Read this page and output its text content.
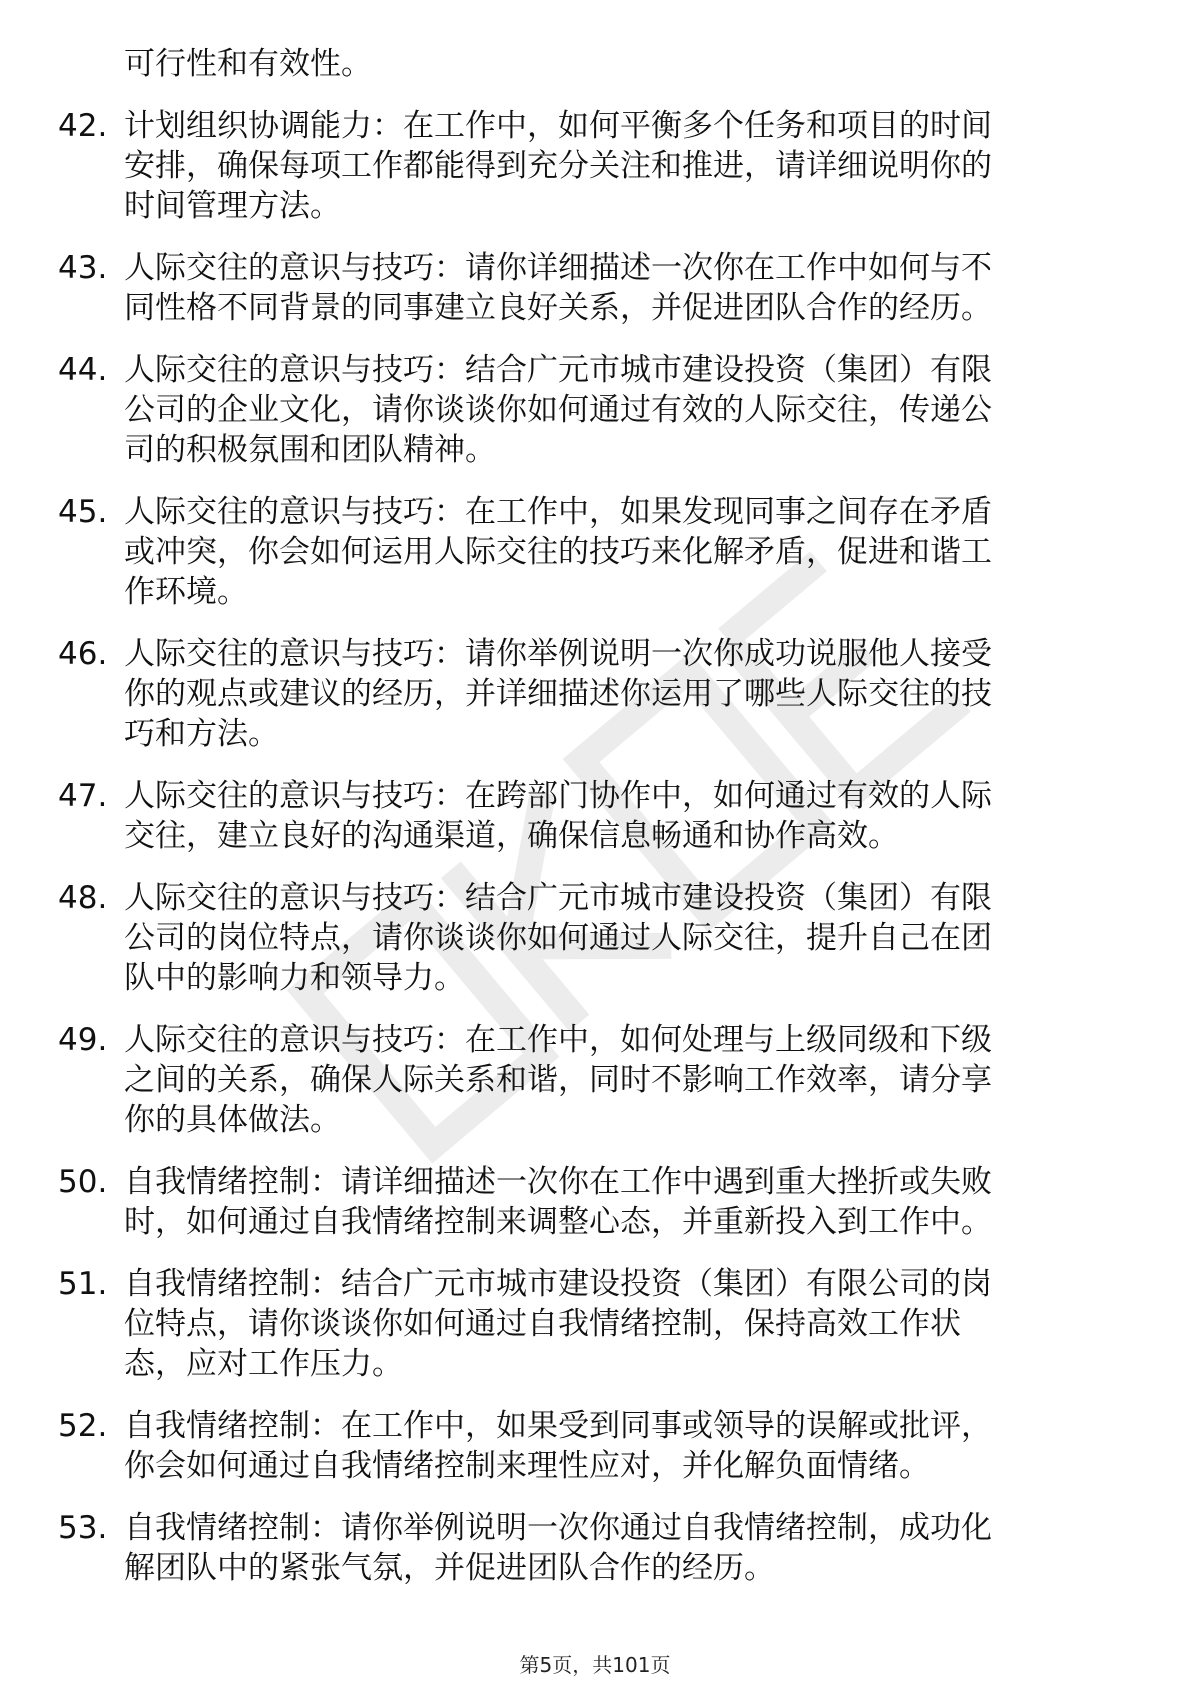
可行性和有效性。
42. 计划组织协调能力：在工作中，如何平衡多个任务和项目的时间
安排，确保每项工作都能得到充分关注和推进，请详细说明你的
时间管理方法。
43. 人际交往的意识与技巧：请你详细描述一次你在工作中如何与不
同性格不同背景的同事建立良好关系，并促进团队合作的经历。
44. 人际交往的意识与技巧：结合广元市城市建设投资（集团）有限
公司的企业文化，请你谈谈你如何通过有效的人际交往，传递公
司的积极氛围和团队精神。
45. 人际交往的意识与技巧：在工作中，如果发现同事之间存在矛盾
或冲突，你会如何运用人际交往的技巧来化解矛盾，促进和谐工
作环境。
46. 人际交往的意识与技巧：请你举例说明一次你成功说服他人接受
你的观点或建议的经历，并详细描述你运用了哪些人际交往的技
巧和方法。
47. 人际交往的意识与技巧：在跨部门协作中，如何通过有效的人际
交往，建立良好的沟通渠道，确保信息畅通和协作高效。
48. 人际交往的意识与技巧：结合广元市城市建设投资（集团）有限
公司的岗位特点，请你谈谈你如何通过人际交往，提升自己在团
队中的影响力和领导力。
49. 人际交往的意识与技巧：在工作中，如何处理与上级同级和下级
之间的关系，确保人际关系和谐，同时不影响工作效率，请分享
你的具体做法。
50. 自我情绪控制：请详细描述一次你在工作中遇到重大挫折或失败
时，如何通过自我情绪控制来调整心态，并重新投入到工作中。
51. 自我情绪控制：结合广元市城市建设投资（集团）有限公司的岗
位特点，请你谈谈你如何通过自我情绪控制，保持高效工作状
态，应对工作压力。
52. 自我情绪控制：在工作中，如果受到同事或领导的误解或批评，
你会如何通过自我情绪控制来理性应对，并化解负面情绪。
53. 自我情绪控制：请你举例说明一次你通过自我情绪控制，成功化
解团队中的紧张气氛，并促进团队合作的经历。
第5页，共101页
